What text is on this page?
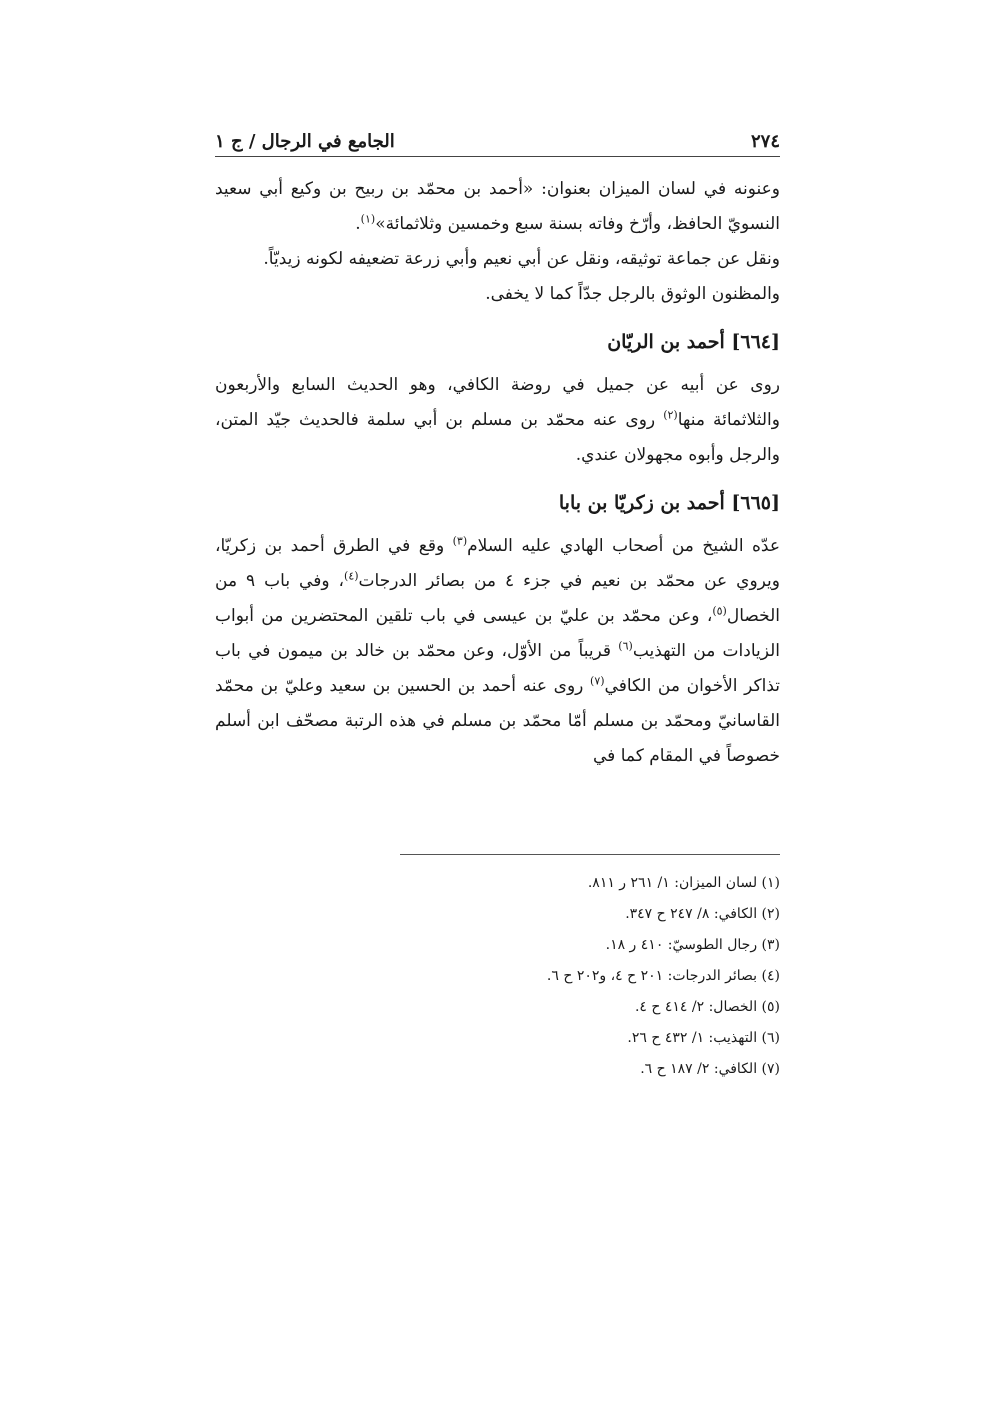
٢٧٤
الجامع في الرجال / ج ١

وعنونه في لسان الميزان بعنوان: «أحمد بن محمّد بن ربيح بن وكيع أبي سعيد النسويّ الحافظ، وأرّخ وفاته بسنة سبع وخمسين وثلاثمائة»$^{(١)}$.

ونقل عن جماعة توثيقه، ونقل عن أبي نعيم وأبي زرعة تضعيفه لكونه زيديّاً.

والمظنون الوثوق بالرجل جدّاً كما لا يخفى.

[٦٦٤] أحمد بن الريّان

روى عن أبيه عن جميل في روضة الكافي، وهو الحديث السابع والأربعون والثلاثمائة منها$^{(٢)}$ روى عنه محمّد بن مسلم بن أبي سلمة فالحديث جيّد المتن، والرجل وأبوه مجهولان عندي.

[٦٦٥] أحمد بن زكريّا بن بابا

عدّه الشيخ من أصحاب الهادي عليه السلام$^{(٣)}$ وقع في الطرق أحمد بن زكريّا، ويروي عن محمّد بن نعيم في جزء ٤ من بصائر الدرجات$^{(٤)}$، وفي باب ٩ من الخصال$^{(٥)}$، وعن محمّد بن عليّ بن عيسى في باب تلقين المحتضرين من أبواب الزيادات من التهذيب$^{(٦)}$ قريباً من الأوّل، وعن محمّد بن خالد بن ميمون في باب تذاكر الأخوان من الكافي$^{(٧)}$ روى عنه أحمد بن الحسين بن سعيد وعليّ بن محمّد القاسانيّ ومحمّد بن مسلم أمّا محمّد بن مسلم في هذه الرتبة مصحّف ابن أسلم خصوصاً في المقام كما في

(١) لسان الميزان: ١/ ٢٦١ ر ٨١١.
(٢) الكافي: ٨/ ٢٤٧ ح ٣٤٧.
(٣) رجال الطوسيّ: ٤١٠ ر ١٨.
(٤) بصائر الدرجات: ٢٠١ ح ٤، و٢٠٢ ح ٦.
(٥) الخصال: ٢/ ٤١٤ ح ٤.
(٦) التهذيب: ١/ ٤٣٢ ح ٢٦.
(٧) الكافي: ٢/ ١٨٧ ح ٦.
